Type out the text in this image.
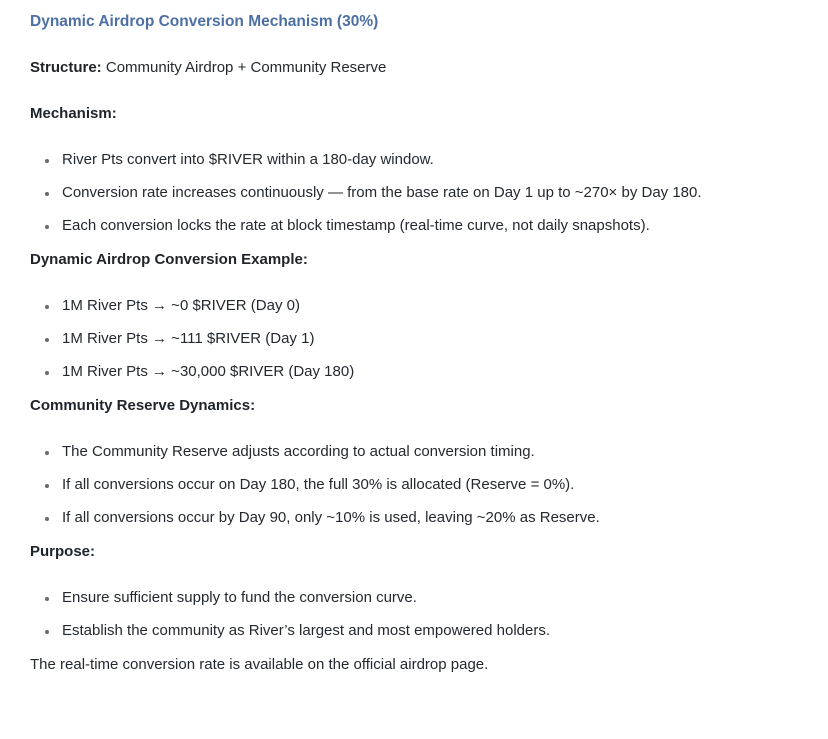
Dynamic Airdrop Conversion Mechanism (30%)

Structure: Community Airdrop + Community Reserve

Mechanism:

• River Pts convert into $RIVER within a 180-day window.
• Conversion rate increases continuously — from the base rate on Day 1 up to ~270× by Day 180.
• Each conversion locks the rate at block timestamp (real-time curve, not daily snapshots).

Dynamic Airdrop Conversion Example:

• 1M River Pts → ~0 $RIVER (Day 0)
• 1M River Pts → ~111 $RIVER (Day 1)
• 1M River Pts → ~30,000 $RIVER (Day 180)

Community Reserve Dynamics:

• The Community Reserve adjusts according to actual conversion timing.
• If all conversions occur on Day 180, the full 30% is allocated (Reserve = 0%).
• If all conversions occur by Day 90, only ~10% is used, leaving ~20% as Reserve.

Purpose:

• Ensure sufficient supply to fund the conversion curve.
• Establish the community as River’s largest and most empowered holders.

The real-time conversion rate is available on the official airdrop page.
